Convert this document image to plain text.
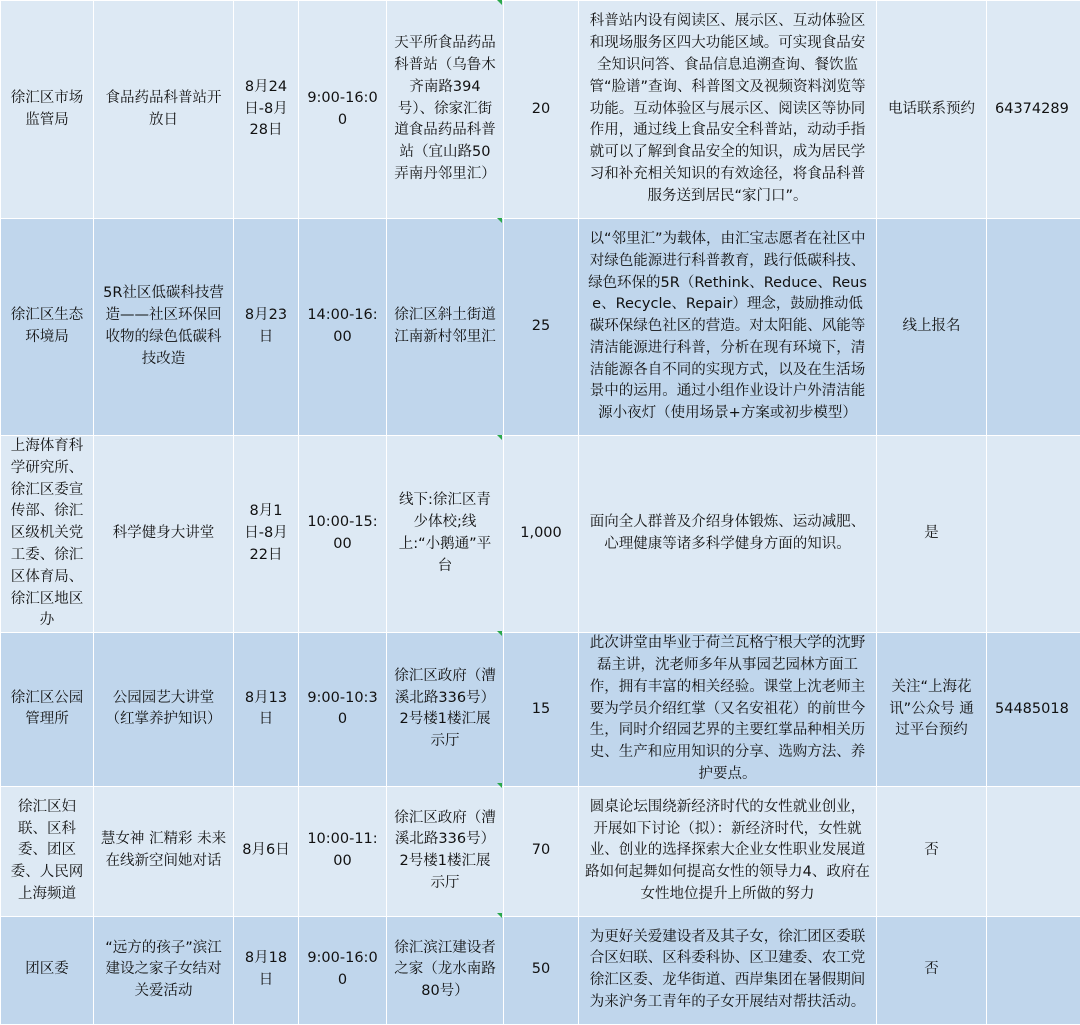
徐汇区市场监管局	食品药品科普站开放日	8月24日-8月28日	9:00-16:00	天平所食品药品科普站（乌鲁木齐南路394号）、徐家汇街道食品药品科普站（宜山路50弄南丹邻里汇）	20	科普站内设有阅读区、展示区、互动体验区和现场服务区四大功能区域。可实现食品安全知识问答、食品信息追溯查询、餐饮监管“脸谱”查询、科普图文及视频资料浏览等功能。互动体验区与展示区、阅读区等协同作用，通过线上食品安全科普站，动动手指就可以了解到食品安全的知识，成为居民学习和补充相关知识的有效途径，将食品科普服务送到居民“家门口”。	电话联系预约	64374289
徐汇区生态环境局	5R社区低碳科技营造——社区环保回收物的绿色低碳科技改造	8月23日	14:00-16:00	徐汇区斜土街道江南新村邻里汇	25	以“邻里汇”为载体，由汇宝志愿者在社区中对绿色能源进行科普教育，践行低碳科技、绿色环保的5R（Rethink、Reduce、Reuse、Recycle、Repair）理念，鼓励推动低碳环保绿色社区的营造。对太阳能、风能等清洁能源进行科普，分析在现有环境下，清洁能源各自不同的实现方式，以及在生活场景中的运用。通过小组作业设计户外清洁能源小夜灯（使用场景+方案或初步模型）	线上报名	
上海体育科学研究所、徐汇区委宣传部、徐汇区级机关党工委、徐汇区体育局、徐汇区地区办	科学健身大讲堂	8月1日-8月22日	10:00-15:00	线下:徐汇区青少体校;线上:“小鹅通”平台	1,000	面向全人群普及介绍身体锻炼、运动减肥、心理健康等诸多科学健身方面的知识。	是	
徐汇区公园管理所	公园园艺大讲堂（红掌养护知识）	8月13日	9:00-10:30	徐汇区政府（漕溪北路336号）2号楼1楼汇展示厅	15	此次讲堂由毕业于荷兰瓦格宁根大学的沈野磊主讲，沈老师多年从事园艺园林方面工作，拥有丰富的相关经验。课堂上沈老师主要为学员介绍红掌（又名安祖花）的前世今生，同时介绍园艺界的主要红掌品种相关历史、生产和应用知识的分享、选购方法、养护要点。	关注“上海花讯”公众号 通过平台预约	54485018
徐汇区妇联、区科委、团区委、人民网上海频道	慧女神 汇精彩 未来在线新空间她对话	8月6日	10:00-11:00	徐汇区政府（漕溪北路336号）2号楼1楼汇展示厅	70	圆桌论坛围绕新经济时代的女性就业创业，开展如下讨论（拟）：新经济时代，女性就业、创业的选择探索大企业女性职业发展道路如何起舞如何提高女性的领导力4、政府在女性地位提升上所做的努力	否	
团区委	“远方的孩子”滨江建设之家子女结对关爱活动	8月18日	9:00-16:00	徐汇滨江建设者之家（龙水南路80号）	50	为更好关爱建设者及其子女，徐汇团区委联合区妇联、区科委科协、区卫建委、农工党徐汇区委、龙华街道、西岸集团在暑假期间为来沪务工青年的子女开展结对帮扶活动。	否	
